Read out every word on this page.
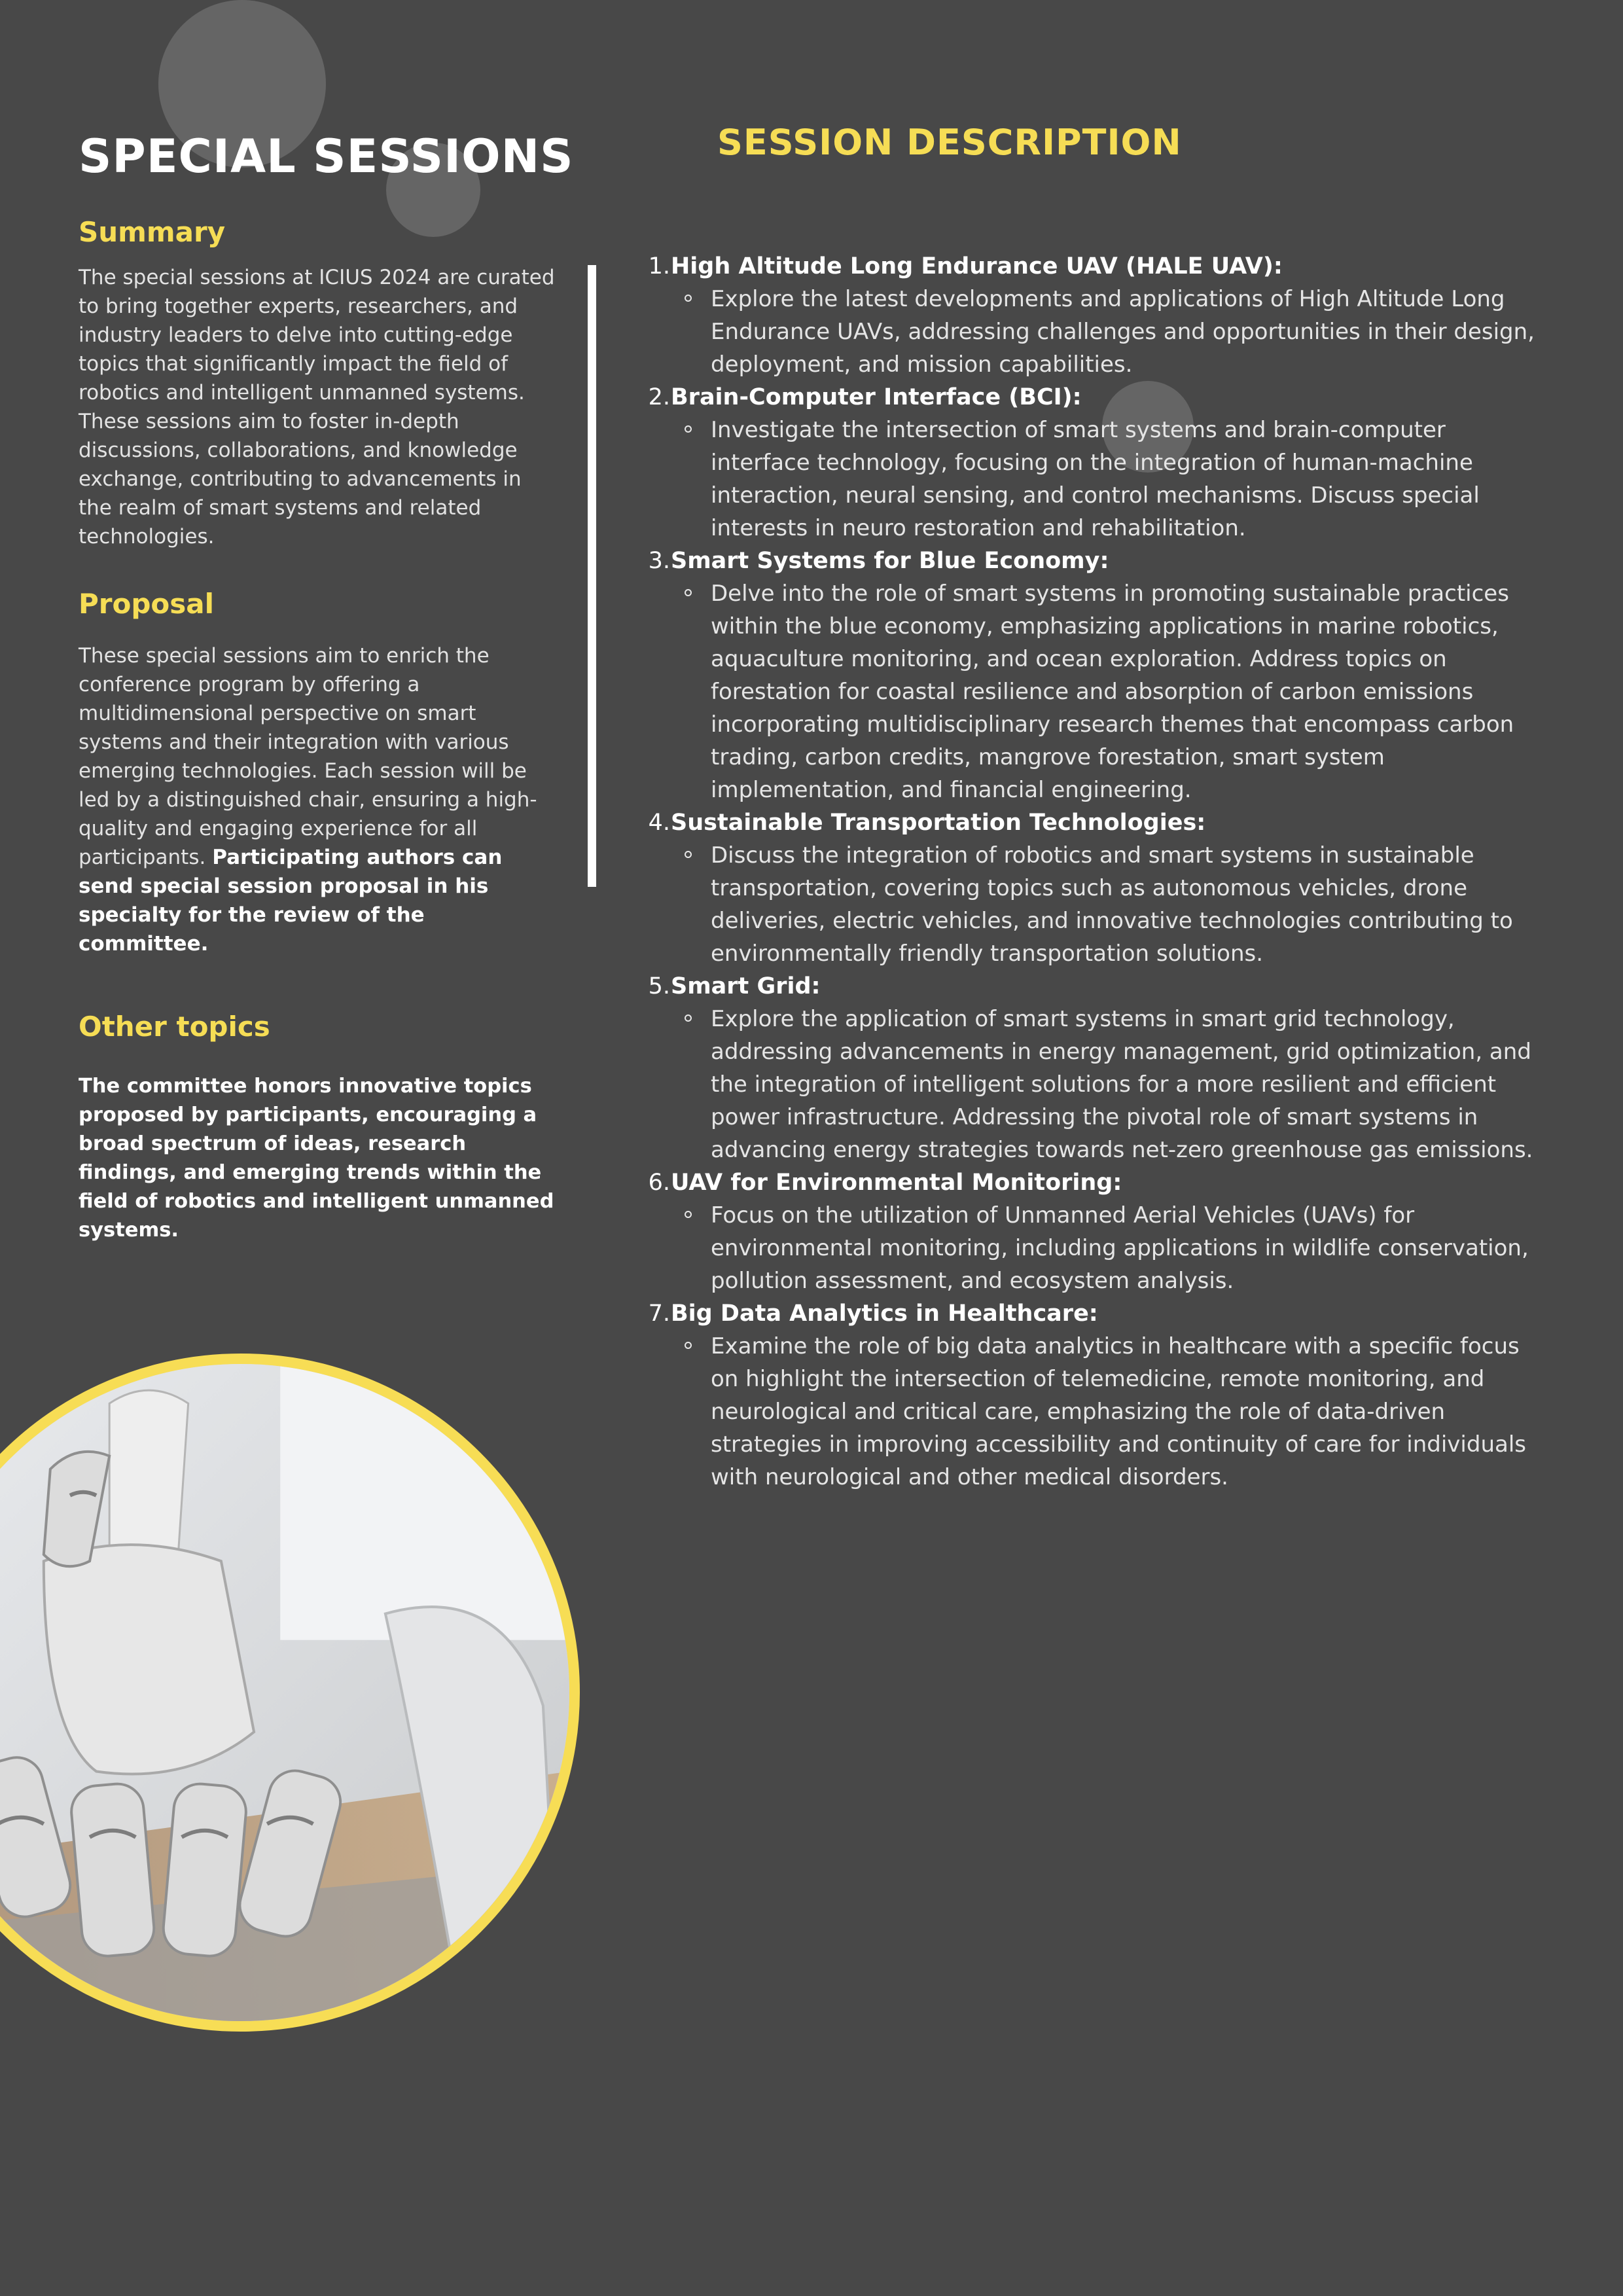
SPECIAL SESSIONS
Summary

The special sessions at ICIUS 2024 are curated to bring together experts, researchers, and industry leaders to delve into cutting-edge topics that significantly impact the field of robotics and intelligent unmanned systems. These sessions aim to foster in-depth discussions, collaborations, and knowledge exchange, contributing to advancements in the realm of smart systems and related technologies.

Proposal

These special sessions aim to enrich the conference program by offering a multidimensional perspective on smart systems and their integration with various emerging technologies. Each session will be led by a distinguished chair, ensuring a high-quality and engaging experience for all participants. Participating authors can send special session proposal in his specialty for the review of the committee.

Other topics

The committee honors innovative topics proposed by participants, encouraging a broad spectrum of ideas, research findings, and emerging trends within the field of robotics and intelligent unmanned systems.

SESSION DESCRIPTION
1. High Altitude Long Endurance UAV (HALE UAV):
Explore the latest developments and applications of High Altitude Long Endurance UAVs, addressing challenges and opportunities in their design, deployment, and mission capabilities.
2. Brain-Computer Interface (BCI):
Investigate the intersection of smart systems and brain-computer interface technology, focusing on the integration of human-machine interaction, neural sensing, and control mechanisms. Discuss special interests in neuro restoration and rehabilitation.
3. Smart Systems for Blue Economy:
Delve into the role of smart systems in promoting sustainable practices within the blue economy, emphasizing applications in marine robotics, aquaculture monitoring, and ocean exploration. Address topics on forestation for coastal resilience and absorption of carbon emissions incorporating multidisciplinary research themes that encompass carbon trading, carbon credits, mangrove forestation, smart system implementation, and financial engineering.
4. Sustainable Transportation Technologies:
Discuss the integration of robotics and smart systems in sustainable transportation, covering topics such as autonomous vehicles, drone deliveries, electric vehicles, and innovative technologies contributing to environmentally friendly transportation solutions.
5. Smart Grid:
Explore the application of smart systems in smart grid technology, addressing advancements in energy management, grid optimization, and the integration of intelligent solutions for a more resilient and efficient power infrastructure. Addressing the pivotal role of smart systems in advancing energy strategies towards net-zero greenhouse gas emissions.
6. UAV for Environmental Monitoring:
Focus on the utilization of Unmanned Aerial Vehicles (UAVs) for environmental monitoring, including applications in wildlife conservation, pollution assessment, and ecosystem analysis.
7. Big Data Analytics in Healthcare:
Examine the role of big data analytics in healthcare with a specific focus on highlight the intersection of telemedicine, remote monitoring, and neurological and critical care, emphasizing the role of data-driven strategies in improving accessibility and continuity of care for individuals with neurological and other medical disorders.
